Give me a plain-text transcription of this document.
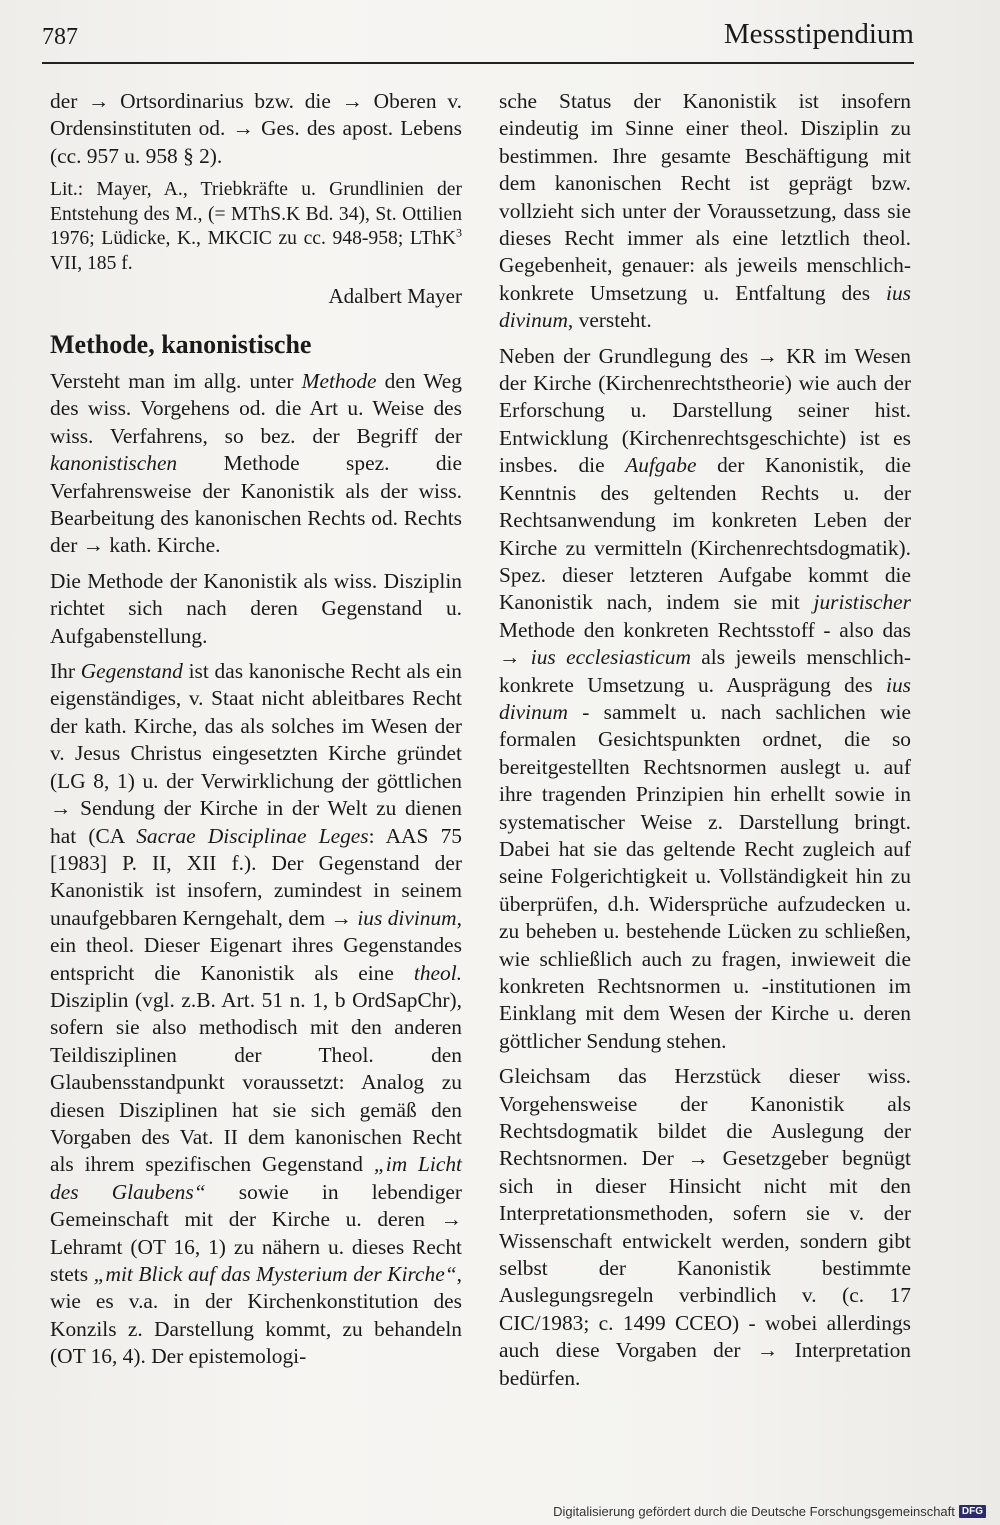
787	Messstipendium

der → Ortsordinarius bzw. die → Oberen v. Ordensinstituten od. → Ges. des apost. Lebens (cc. 957 u. 958 § 2).

Lit.: Mayer, A., Triebkräfte u. Grundlinien der Entstehung des M., (= MThS.K Bd. 34), St. Ottilien 1976; Lüdicke, K., MKCIC zu cc. 948-958; LThK$^3$ VII, 185 f.

Adalbert Mayer
Methode, kanonistische

Versteht man im allg. unter Methode den Weg des wiss. Vorgehens od. die Art u. Weise des wiss. Verfahrens, so bez. der Begriff der kanonistischen Methode spez. die Verfahrensweise der Kanonistik als der wiss. Bearbeitung des kanonischen Rechts od. Rechts der → kath. Kirche.

Die Methode der Kanonistik als wiss. Disziplin richtet sich nach deren Gegenstand u. Aufgabenstellung.

Ihr Gegenstand ist das kanonische Recht als ein eigenständiges, v. Staat nicht ableitbares Recht der kath. Kirche, das als solches im Wesen der v. Jesus Christus eingesetzten Kirche gründet (LG 8, 1) u. der Verwirklichung der göttlichen → Sendung der Kirche in der Welt zu dienen hat (CA Sacrae Disciplinae Leges: AAS 75 [1983] P. II, XII f.). Der Gegenstand der Kanonistik ist insofern, zumindest in seinem unaufgebbaren Kerngehalt, dem → ius divinum, ein theol. Dieser Eigenart ihres Gegenstandes entspricht die Kanonistik als eine theol. Disziplin (vgl. z.B. Art. 51 n. 1, b OrdSapChr), sofern sie also methodisch mit den anderen Teildisziplinen der Theol. den Glaubensstandpunkt voraussetzt: Analog zu diesen Disziplinen hat sie sich gemäß den Vorgaben des Vat. II dem kanonischen Recht als ihrem spezifischen Gegenstand „im Licht des Glaubens“ sowie in lebendiger Gemeinschaft mit der Kirche u. deren → Lehramt (OT 16, 1) zu nähern u. dieses Recht stets „mit Blick auf das Mysterium der Kirche“, wie es v.a. in der Kirchenkonstitution des Konzils z. Darstellung kommt, zu behandeln (OT 16, 4). Der epistemologi-

sche Status der Kanonistik ist insofern eindeutig im Sinne einer theol. Disziplin zu bestimmen. Ihre gesamte Beschäftigung mit dem kanonischen Recht ist geprägt bzw. vollzieht sich unter der Voraussetzung, dass sie dieses Recht immer als eine letztlich theol. Gegebenheit, genauer: als jeweils menschlich-konkrete Umsetzung u. Entfaltung des ius divinum, versteht.

Neben der Grundlegung des → KR im Wesen der Kirche (Kirchenrechtstheorie) wie auch der Erforschung u. Darstellung seiner hist. Entwicklung (Kirchenrechtsgeschichte) ist es insbes. die Aufgabe der Kanonistik, die Kenntnis des geltenden Rechts u. der Rechtsanwendung im konkreten Leben der Kirche zu vermitteln (Kirchenrechtsdogmatik). Spez. dieser letzteren Aufgabe kommt die Kanonistik nach, indem sie mit juristischer Methode den konkreten Rechtsstoff - also das → ius ecclesiasticum als jeweils menschlich-konkrete Umsetzung u. Ausprägung des ius divinum - sammelt u. nach sachlichen wie formalen Gesichtspunkten ordnet, die so bereitgestellten Rechtsnormen auslegt u. auf ihre tragenden Prinzipien hin erhellt sowie in systematischer Weise z. Darstellung bringt. Dabei hat sie das geltende Recht zugleich auf seine Folgerichtigkeit u. Vollständigkeit hin zu überprüfen, d.h. Widersprüche aufzudecken u. zu beheben u. bestehende Lücken zu schließen, wie schließlich auch zu fragen, inwieweit die konkreten Rechtsnormen u. -institutionen im Einklang mit dem Wesen der Kirche u. deren göttlicher Sendung stehen.

Gleichsam das Herzstück dieser wiss. Vorgehensweise der Kanonistik als Rechtsdogmatik bildet die Auslegung der Rechtsnormen. Der → Gesetzgeber begnügt sich in dieser Hinsicht nicht mit den Interpretationsmethoden, sofern sie v. der Wissenschaft entwickelt werden, sondern gibt selbst der Kanonistik bestimmte Auslegungsregeln verbindlich v. (c. 17 CIC/1983; c. 1499 CCEO) - wobei allerdings auch diese Vorgaben der → Interpretation bedürfen.

Digitalisierung gefördert durch die Deutsche Forschungsgemeinschaft DFG
